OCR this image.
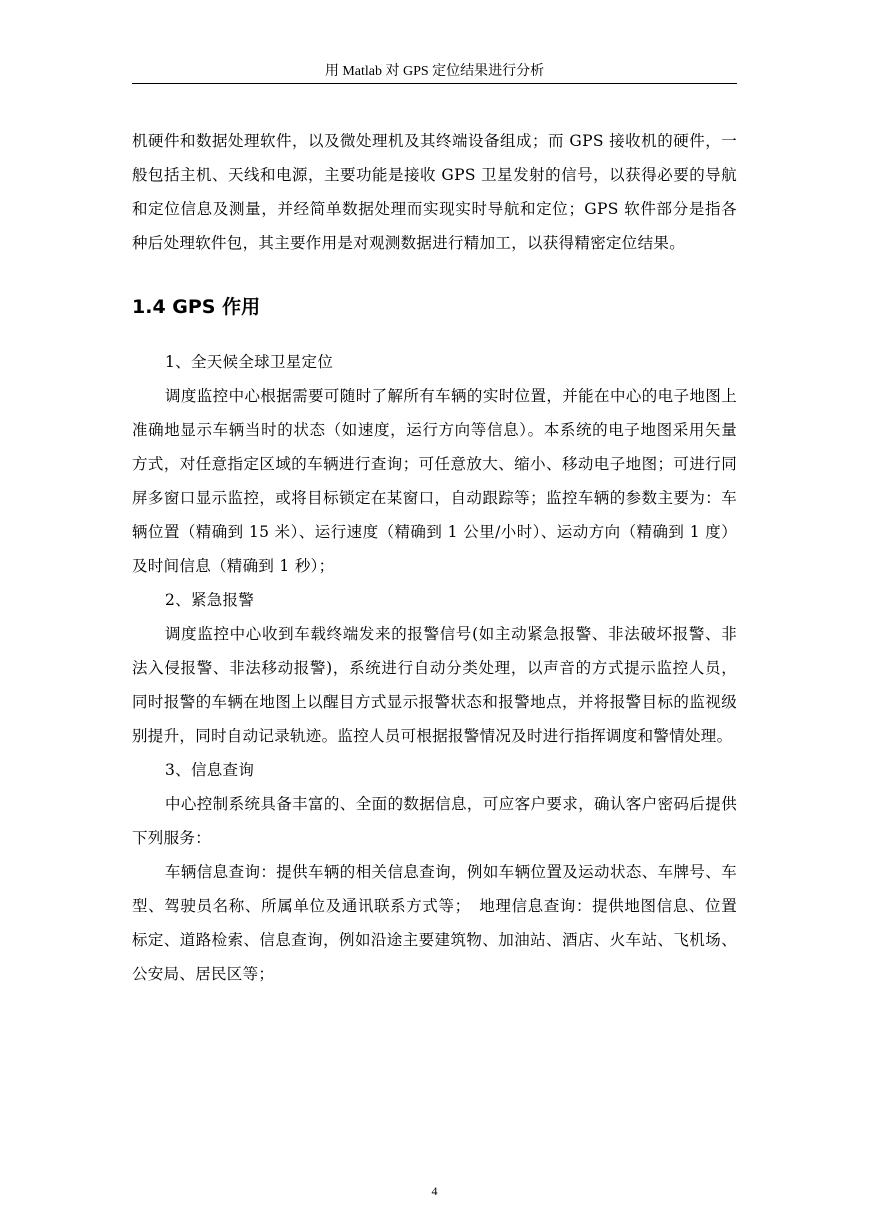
用 Matlab 对 GPS 定位结果进行分析

机硬件和数据处理软件，以及微处理机及其终端设备组成；而 GPS 接收机的硬件，一般包括主机、天线和电源，主要功能是接收 GPS 卫星发射的信号，以获得必要的导航和定位信息及测量，并经简单数据处理而实现实时导航和定位；GPS 软件部分是指各种后处理软件包，其主要作用是对观测数据进行精加工，以获得精密定位结果。

1.4 GPS 作用

1、全天候全球卫星定位

调度监控中心根据需要可随时了解所有车辆的实时位置，并能在中心的电子地图上准确地显示车辆当时的状态（如速度，运行方向等信息）。本系统的电子地图采用矢量方式，对任意指定区域的车辆进行查询；可任意放大、缩小、移动电子地图；可进行同屏多窗口显示监控，或将目标锁定在某窗口，自动跟踪等；监控车辆的参数主要为：车辆位置（精确到 15 米）、运行速度（精确到 1 公里/小时）、运动方向（精确到 1 度）及时间信息（精确到 1 秒）；

2、紧急报警

调度监控中心收到车载终端发来的报警信号(如主动紧急报警、非法破坏报警、非法入侵报警、非法移动报警)，系统进行自动分类处理，以声音的方式提示监控人员，同时报警的车辆在地图上以醒目方式显示报警状态和报警地点，并将报警目标的监视级别提升，同时自动记录轨迹。监控人员可根据报警情况及时进行指挥调度和警情处理。

3、信息查询

中心控制系统具备丰富的、全面的数据信息，可应客户要求，确认客户密码后提供下列服务：

车辆信息查询：提供车辆的相关信息查询，例如车辆位置及运动状态、车牌号、车型、驾驶员名称、所属单位及通讯联系方式等；　地理信息查询：提供地图信息、位置标定、道路检索、信息查询，例如沿途主要建筑物、加油站、酒店、火车站、飞机场、公安局、居民区等；

4
